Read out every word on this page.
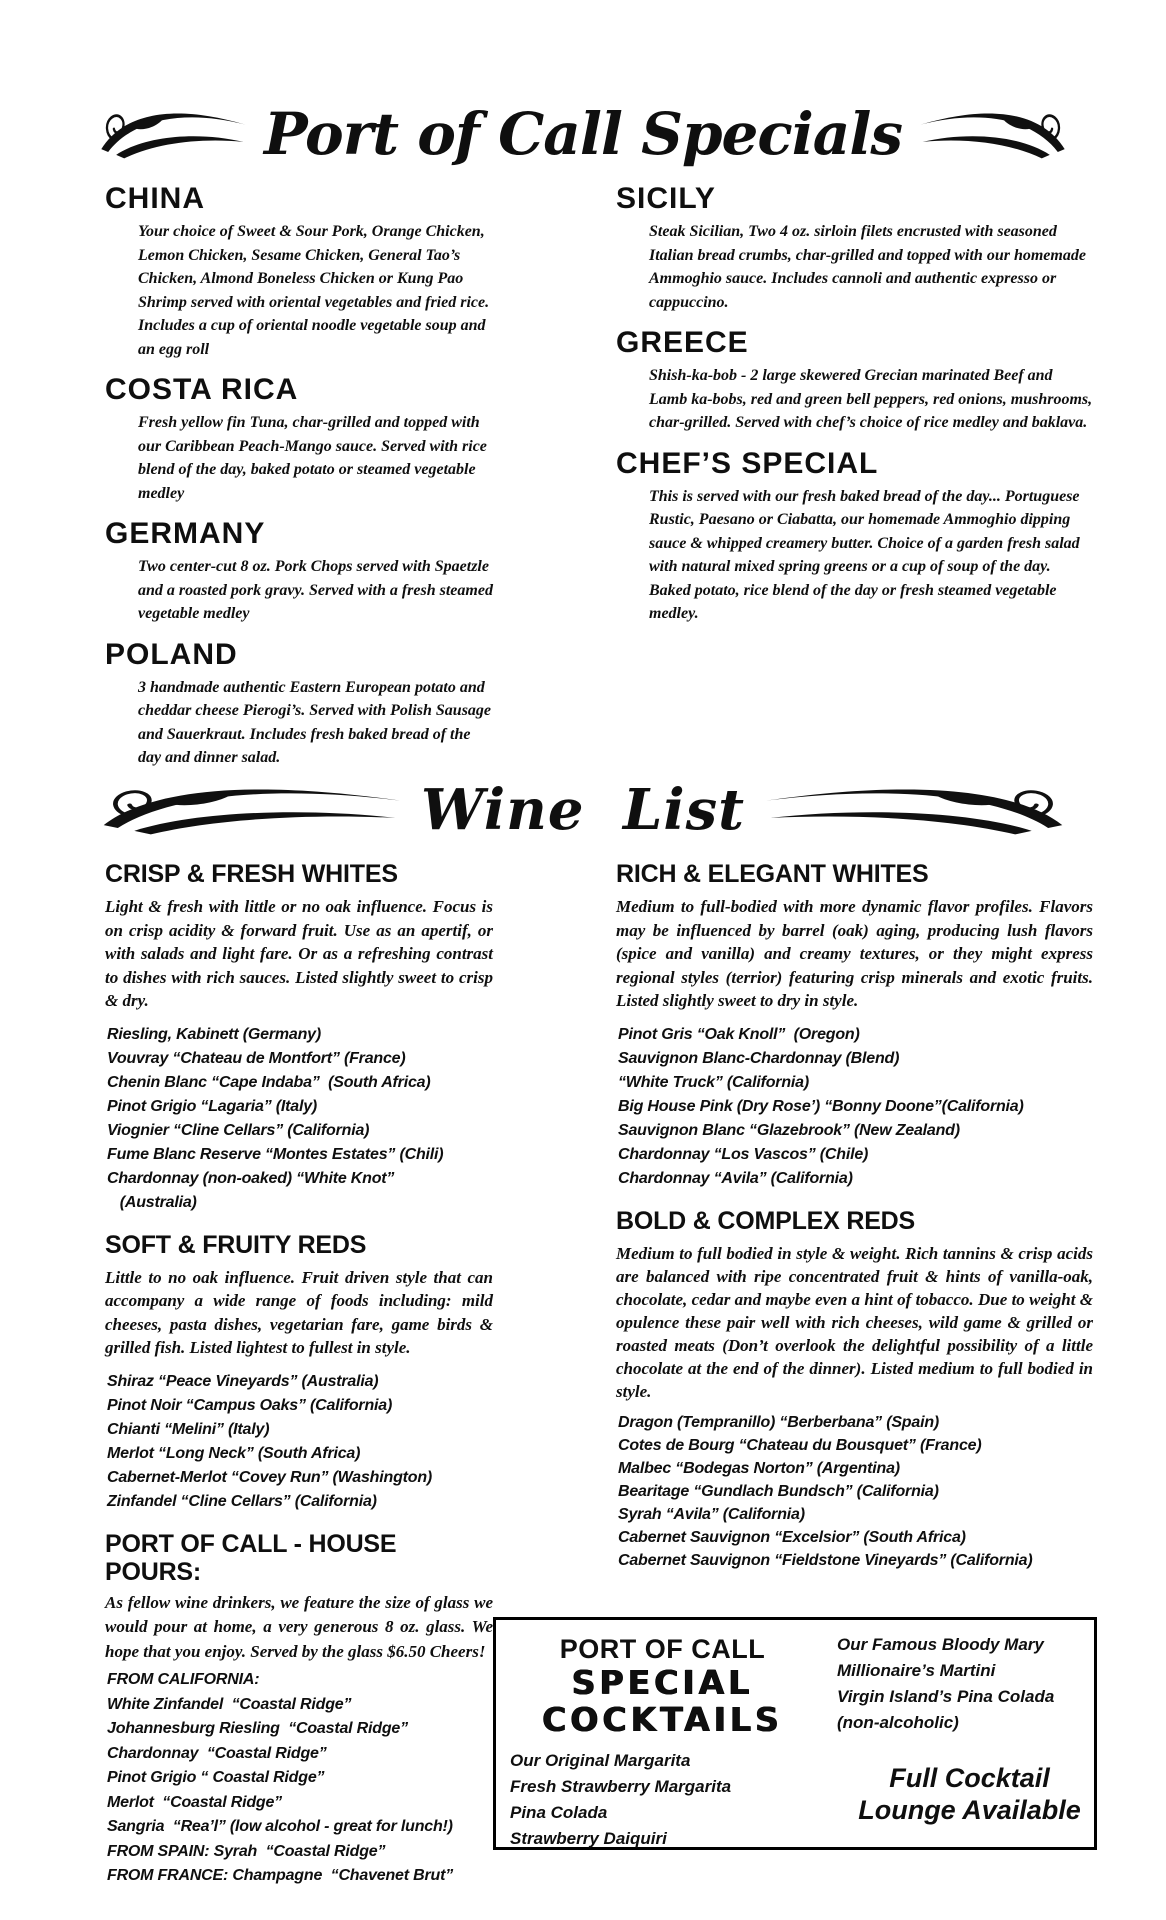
Port of Call Specials
CHINA

Your choice of Sweet & Sour Pork, Orange Chicken, Lemon Chicken, Sesame Chicken, General Tao’s Chicken, Almond Boneless Chicken or Kung Pao Shrimp served with oriental vegetables and fried rice. Includes a cup of oriental noodle vegetable soup and an egg roll

COSTA RICA

Fresh yellow fin Tuna, char-grilled and topped with our Caribbean Peach-Mango sauce. Served with rice blend of the day, baked potato or steamed vegetable medley

GERMANY

Two center-cut 8 oz. Pork Chops served with Spaetzle and a roasted pork gravy. Served with a fresh steamed vegetable medley

POLAND

3 handmade authentic Eastern European potato and cheddar cheese Pierogi’s. Served with Polish Sausage and Sauerkraut. Includes fresh baked bread of the day and dinner salad.

SICILY

Steak Sicilian, Two 4 oz. sirloin filets encrusted with seasoned Italian bread crumbs, char-grilled and topped with our homemade Ammoghio sauce. Includes cannoli and authentic expresso or cappuccino.

GREECE

Shish-ka-bob - 2 large skewered Grecian marinated Beef and Lamb ka-bobs, red and green bell peppers, red onions, mushrooms, char-grilled. Served with chef’s choice of rice medley and baklava.

CHEF’S SPECIAL

This is served with our fresh baked bread of the day... Portuguese Rustic, Paesano or Ciabatta, our homemade Ammoghio dipping sauce & whipped creamery butter. Choice of a garden fresh salad with natural mixed spring greens or a cup of soup of the day. Baked potato, rice blend of the day or fresh steamed vegetable medley.

Wine List
CRISP & FRESH WHITES

Light & fresh with little or no oak influence. Focus is on crisp acidity & forward fruit. Use as an apertif, or with salads and light fare. Or as a refreshing contrast to dishes with rich sauces. Listed slightly sweet to crisp & dry.

Riesling, Kabinett (Germany)
Vouvray “Chateau de Montfort” (France)
Chenin Blanc “Cape Indaba”  (South Africa)
Pinot Grigio “Lagaria” (Italy)
Viognier “Cline Cellars” (California)
Fume Blanc Reserve “Montes Estates” (Chili)
Chardonnay (non-oaked) “White Knot”
(Australia)
SOFT & FRUITY REDS

Little to no oak influence. Fruit driven style that can accompany a wide range of foods including: mild cheeses, pasta dishes, vegetarian fare, game birds & grilled fish. Listed lightest to fullest in style.

Shiraz “Peace Vineyards” (Australia)
Pinot Noir “Campus Oaks” (California)
Chianti “Melini” (Italy)
Merlot “Long Neck” (South Africa)
Cabernet-Merlot “Covey Run” (Washington)
Zinfandel “Cline Cellars” (California)
PORT OF CALL - HOUSE POURS:

As fellow wine drinkers, we feature the size of glass we would pour at home, a very generous 8 oz. glass. We hope that you enjoy. Served by the glass $6.50 Cheers!

FROM CALIFORNIA:
White Zinfandel  “Coastal Ridge”
Johannesburg Riesling  “Coastal Ridge”
Chardonnay  “Coastal Ridge”
Pinot Grigio “ Coastal Ridge”
Merlot  “Coastal Ridge”
Sangria  “Rea’l” (low alcohol - great for lunch!)
FROM SPAIN: Syrah  “Coastal Ridge”
FROM FRANCE: Champagne  “Chavenet Brut”
RICH & ELEGANT WHITES

Medium to full-bodied with more dynamic flavor profiles. Flavors may be influenced by barrel (oak) aging, producing lush flavors (spice and vanilla) and creamy textures, or they might express regional styles (terrior) featuring crisp minerals and exotic fruits. Listed slightly sweet to dry in style.

Pinot Gris “Oak Knoll”  (Oregon)
Sauvignon Blanc-Chardonnay (Blend)
“White Truck” (California)
Big House Pink (Dry Rose’) “Bonny Doone”(California)
Sauvignon Blanc “Glazebrook” (New Zealand)
Chardonnay “Los Vascos” (Chile)
Chardonnay “Avila” (California)
BOLD & COMPLEX REDS

Medium to full bodied in style & weight. Rich tannins & crisp acids are balanced with ripe concentrated fruit & hints of vanilla-oak, chocolate, cedar and maybe even a hint of tobacco. Due to weight & opulence these pair well with rich cheeses, wild game & grilled or roasted meats (Don’t overlook the delightful possibility of a little chocolate at the end of the dinner). Listed medium to full bodied in style.

Dragon (Tempranillo) “Berberbana” (Spain)
Cotes de Bourg “Chateau du Bousquet” (France)
Malbec “Bodegas Norton” (Argentina)
Bearitage “Gundlach Bundsch” (California)
Syrah “Avila” (California)
Cabernet Sauvignon “Excelsior” (South Africa)
Cabernet Sauvignon “Fieldstone Vineyards” (California)
PORT OF CALL
SPECIAL
COCKTAILS
Our Original Margarita
Fresh Strawberry Margarita
Pina Colada
Strawberry Daiquiri
Our Famous Bloody Mary
Millionaire’s Martini
Virgin Island’s Pina Colada
(non-alcoholic)
Full Cocktail Lounge Available
